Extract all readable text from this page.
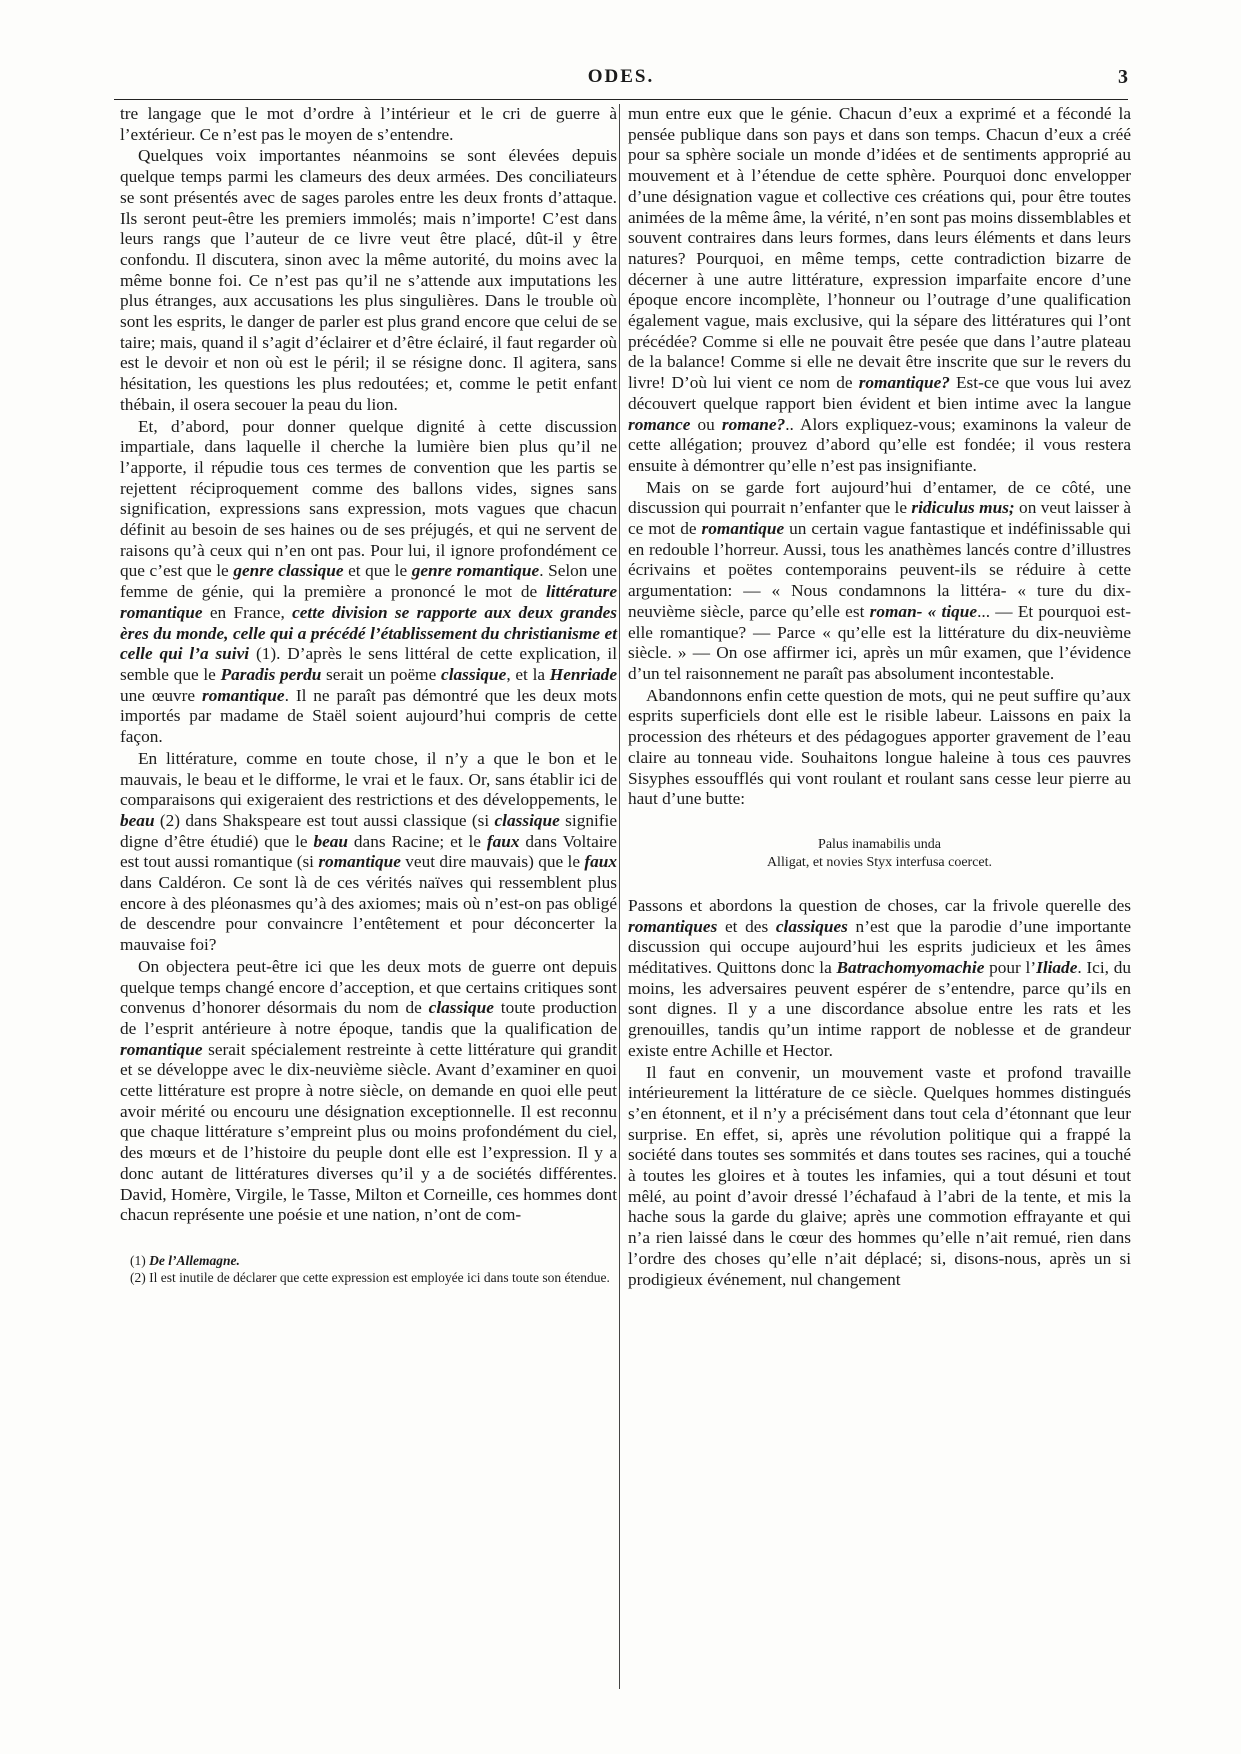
ODES.	3

tre langage que le mot d’ordre à l’intérieur et le cri de guerre à l’extérieur. Ce n’est pas le moyen de s’entendre.

Quelques voix importantes néanmoins se sont élevées depuis quelque temps parmi les clameurs des deux armées. Des conciliateurs se sont présentés avec de sages paroles entre les deux fronts d’attaque. Ils seront peut-être les premiers immolés; mais n’importe! C’est dans leurs rangs que l’auteur de ce livre veut être placé, dût-il y être confondu. Il discutera, sinon avec la même autorité, du moins avec la même bonne foi. Ce n’est pas qu’il ne s’attende aux imputations les plus étranges, aux accusations les plus singulières. Dans le trouble où sont les esprits, le danger de parler est plus grand encore que celui de se taire; mais, quand il s’agit d’éclairer et d’être éclairé, il faut regarder où est le devoir et non où est le péril; il se résigne donc. Il agitera, sans hésitation, les questions les plus redoutées; et, comme le petit enfant thébain, il osera secouer la peau du lion.

Et, d’abord, pour donner quelque dignité à cette discussion impartiale, dans laquelle il cherche la lumière bien plus qu’il ne l’apporte, il répudie tous ces termes de convention que les partis se rejettent réciproquement comme des ballons vides, signes sans signification, expressions sans expression, mots vagues que chacun définit au besoin de ses haines ou de ses préjugés, et qui ne servent de raisons qu’à ceux qui n’en ont pas. Pour lui, il ignore profondément ce que c’est que le genre classique et que le genre romantique. Selon une femme de génie, qui la première a prononcé le mot de littérature romantique en France, cette division se rapporte aux deux grandes ères du monde, celle qui a précédé l’établissement du christianisme et celle qui l’a suivi (1). D’après le sens littéral de cette explication, il semble que le Paradis perdu serait un poëme classique, et la Henriade une œuvre romantique. Il ne paraît pas démontré que les deux mots importés par madame de Staël soient aujourd’hui compris de cette façon.

En littérature, comme en toute chose, il n’y a que le bon et le mauvais, le beau et le difforme, le vrai et le faux. Or, sans établir ici de comparaisons qui exigeraient des restrictions et des développements, le beau (2) dans Shakspeare est tout aussi classique (si classique signifie digne d’être étudié) que le beau dans Racine; et le faux dans Voltaire est tout aussi romantique (si romantique veut dire mauvais) que le faux dans Caldéron. Ce sont là de ces vérités naïves qui ressemblent plus encore à des pléonasmes qu’à des axiomes; mais où n’est-on pas obligé de descendre pour convaincre l’entêtement et pour déconcerter la mauvaise foi?

On objectera peut-être ici que les deux mots de guerre ont depuis quelque temps changé encore d’acception, et que certains critiques sont convenus d’honorer désormais du nom de classique toute production de l’esprit antérieure à notre époque, tandis que la qualification de romantique serait spécialement restreinte à cette littérature qui grandit et se développe avec le dix-neuvième siècle. Avant d’examiner en quoi cette littérature est propre à notre siècle, on demande en quoi elle peut avoir mérité ou encouru une désignation exceptionnelle. Il est reconnu que chaque littérature s’empreint plus ou moins profondément du ciel, des mœurs et de l’histoire du peuple dont elle est l’expression. Il y a donc autant de littératures diverses qu’il y a de sociétés différentes. David, Homère, Virgile, le Tasse, Milton et Corneille, ces hommes dont chacun représente une poésie et une nation, n’ont de com-

(1) De l’Allemagne.
(2) Il est inutile de déclarer que cette expression est employée ici dans toute son étendue.

mun entre eux que le génie. Chacun d’eux a exprimé et a fécondé la pensée publique dans son pays et dans son temps. Chacun d’eux a créé pour sa sphère sociale un monde d’idées et de sentiments approprié au mouvement et à l’étendue de cette sphère. Pourquoi donc envelopper d’une désignation vague et collective ces créations qui, pour être toutes animées de la même âme, la vérité, n’en sont pas moins dissemblables et souvent contraires dans leurs formes, dans leurs éléments et dans leurs natures? Pourquoi, en même temps, cette contradiction bizarre de décerner à une autre littérature, expression imparfaite encore d’une époque encore incomplète, l’honneur ou l’outrage d’une qualification également vague, mais exclusive, qui la sépare des littératures qui l’ont précédée? Comme si elle ne pouvait être pesée que dans l’autre plateau de la balance! Comme si elle ne devait être inscrite que sur le revers du livre! D’où lui vient ce nom de romantique? Est-ce que vous lui avez découvert quelque rapport bien évident et bien intime avec la langue romance ou romane?.. Alors expliquez-vous; examinons la valeur de cette allégation; prouvez d’abord qu’elle est fondée; il vous restera ensuite à démontrer qu’elle n’est pas insignifiante.

Mais on se garde fort aujourd’hui d’entamer, de ce côté, une discussion qui pourrait n’enfanter que le ridiculus mus; on veut laisser à ce mot de romantique un certain vague fantastique et indéfinissable qui en redouble l’horreur. Aussi, tous les anathèmes lancés contre d’illustres écrivains et poëtes contemporains peuvent-ils se réduire à cette argumentation: — « Nous condamnons la littéra- « ture du dix-neuvième siècle, parce qu’elle est roman- « tique... — Et pourquoi est-elle romantique? — Parce « qu’elle est la littérature du dix-neuvième siècle. » — On ose affirmer ici, après un mûr examen, que l’évidence d’un tel raisonnement ne paraît pas absolument incontestable.

Abandonnons enfin cette question de mots, qui ne peut suffire qu’aux esprits superficiels dont elle est le risible labeur. Laissons en paix la procession des rhéteurs et des pédagogues apporter gravement de l’eau claire au tonneau vide. Souhaitons longue haleine à tous ces pauvres Sisyphes essoufflés qui vont roulant et roulant sans cesse leur pierre au haut d’une butte:

Palus inamabilis unda
Alligat, et novies Styx interfusa coercet.

Passons et abordons la question de choses, car la frivole querelle des romantiques et des classiques n’est que la parodie d’une importante discussion qui occupe aujourd’hui les esprits judicieux et les âmes méditatives. Quittons donc la Batrachomyomachie pour l’Iliade. Ici, du moins, les adversaires peuvent espérer de s’entendre, parce qu’ils en sont dignes. Il y a une discordance absolue entre les rats et les grenouilles, tandis qu’un intime rapport de noblesse et de grandeur existe entre Achille et Hector.

Il faut en convenir, un mouvement vaste et profond travaille intérieurement la littérature de ce siècle. Quelques hommes distingués s’en étonnent, et il n’y a précisément dans tout cela d’étonnant que leur surprise. En effet, si, après une révolution politique qui a frappé la société dans toutes ses sommités et dans toutes ses racines, qui a touché à toutes les gloires et à toutes les infamies, qui a tout désuni et tout mêlé, au point d’avoir dressé l’échafaud à l’abri de la tente, et mis la hache sous la garde du glaive; après une commotion effrayante et qui n’a rien laissé dans le cœur des hommes qu’elle n’ait remué, rien dans l’ordre des choses qu’elle n’ait déplacé; si, disons-nous, après un si prodigieux événement, nul changement
